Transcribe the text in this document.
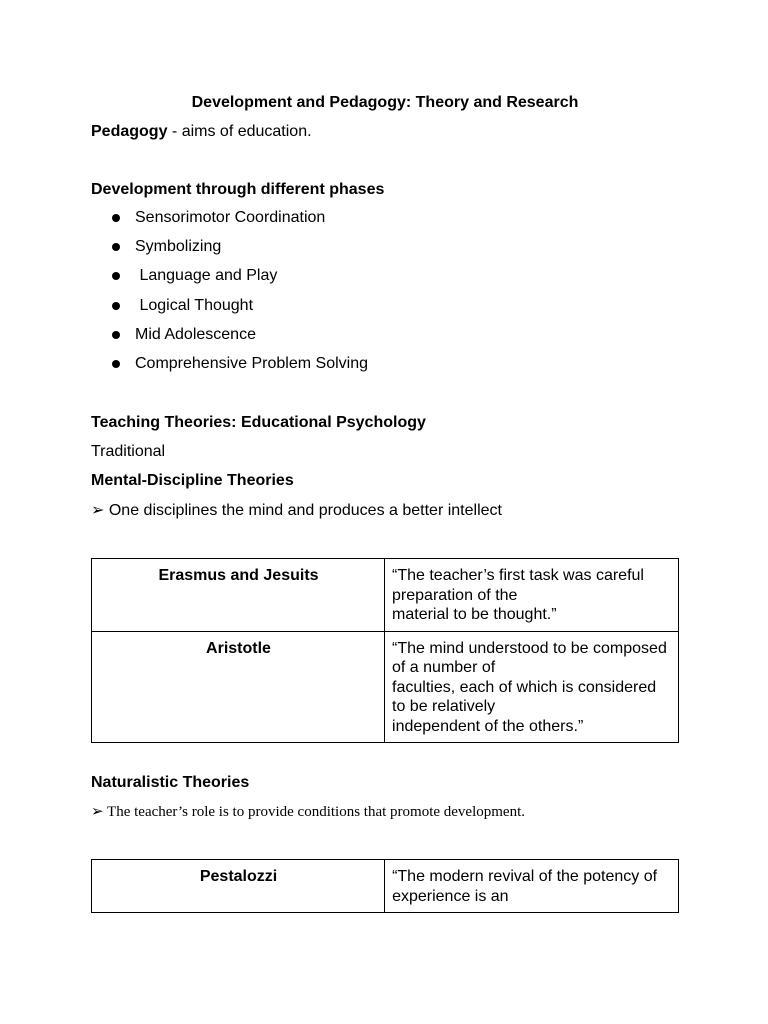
Development and Pedagogy: Theory and Research
Pedagogy - aims of education.
Development through different phases
Sensorimotor Coordination
Symbolizing
Language and Play
Logical Thought
Mid Adolescence
Comprehensive Problem Solving
Teaching Theories: Educational Psychology
Traditional
Mental-Discipline Theories
➢ One disciplines the mind and produces a better intellect
Erasmus and Jesuits	“The teacher’s first task was careful
preparation of the
material to be thought.”

Aristotle	“The mind understood to be composed
of a number of
faculties, each of which is considered
to be relatively
independent of the others.”
Naturalistic Theories
➢ The teacher’s role is to provide conditions that promote development.
Pestalozzi	“The modern revival of the potency of
experience is an
